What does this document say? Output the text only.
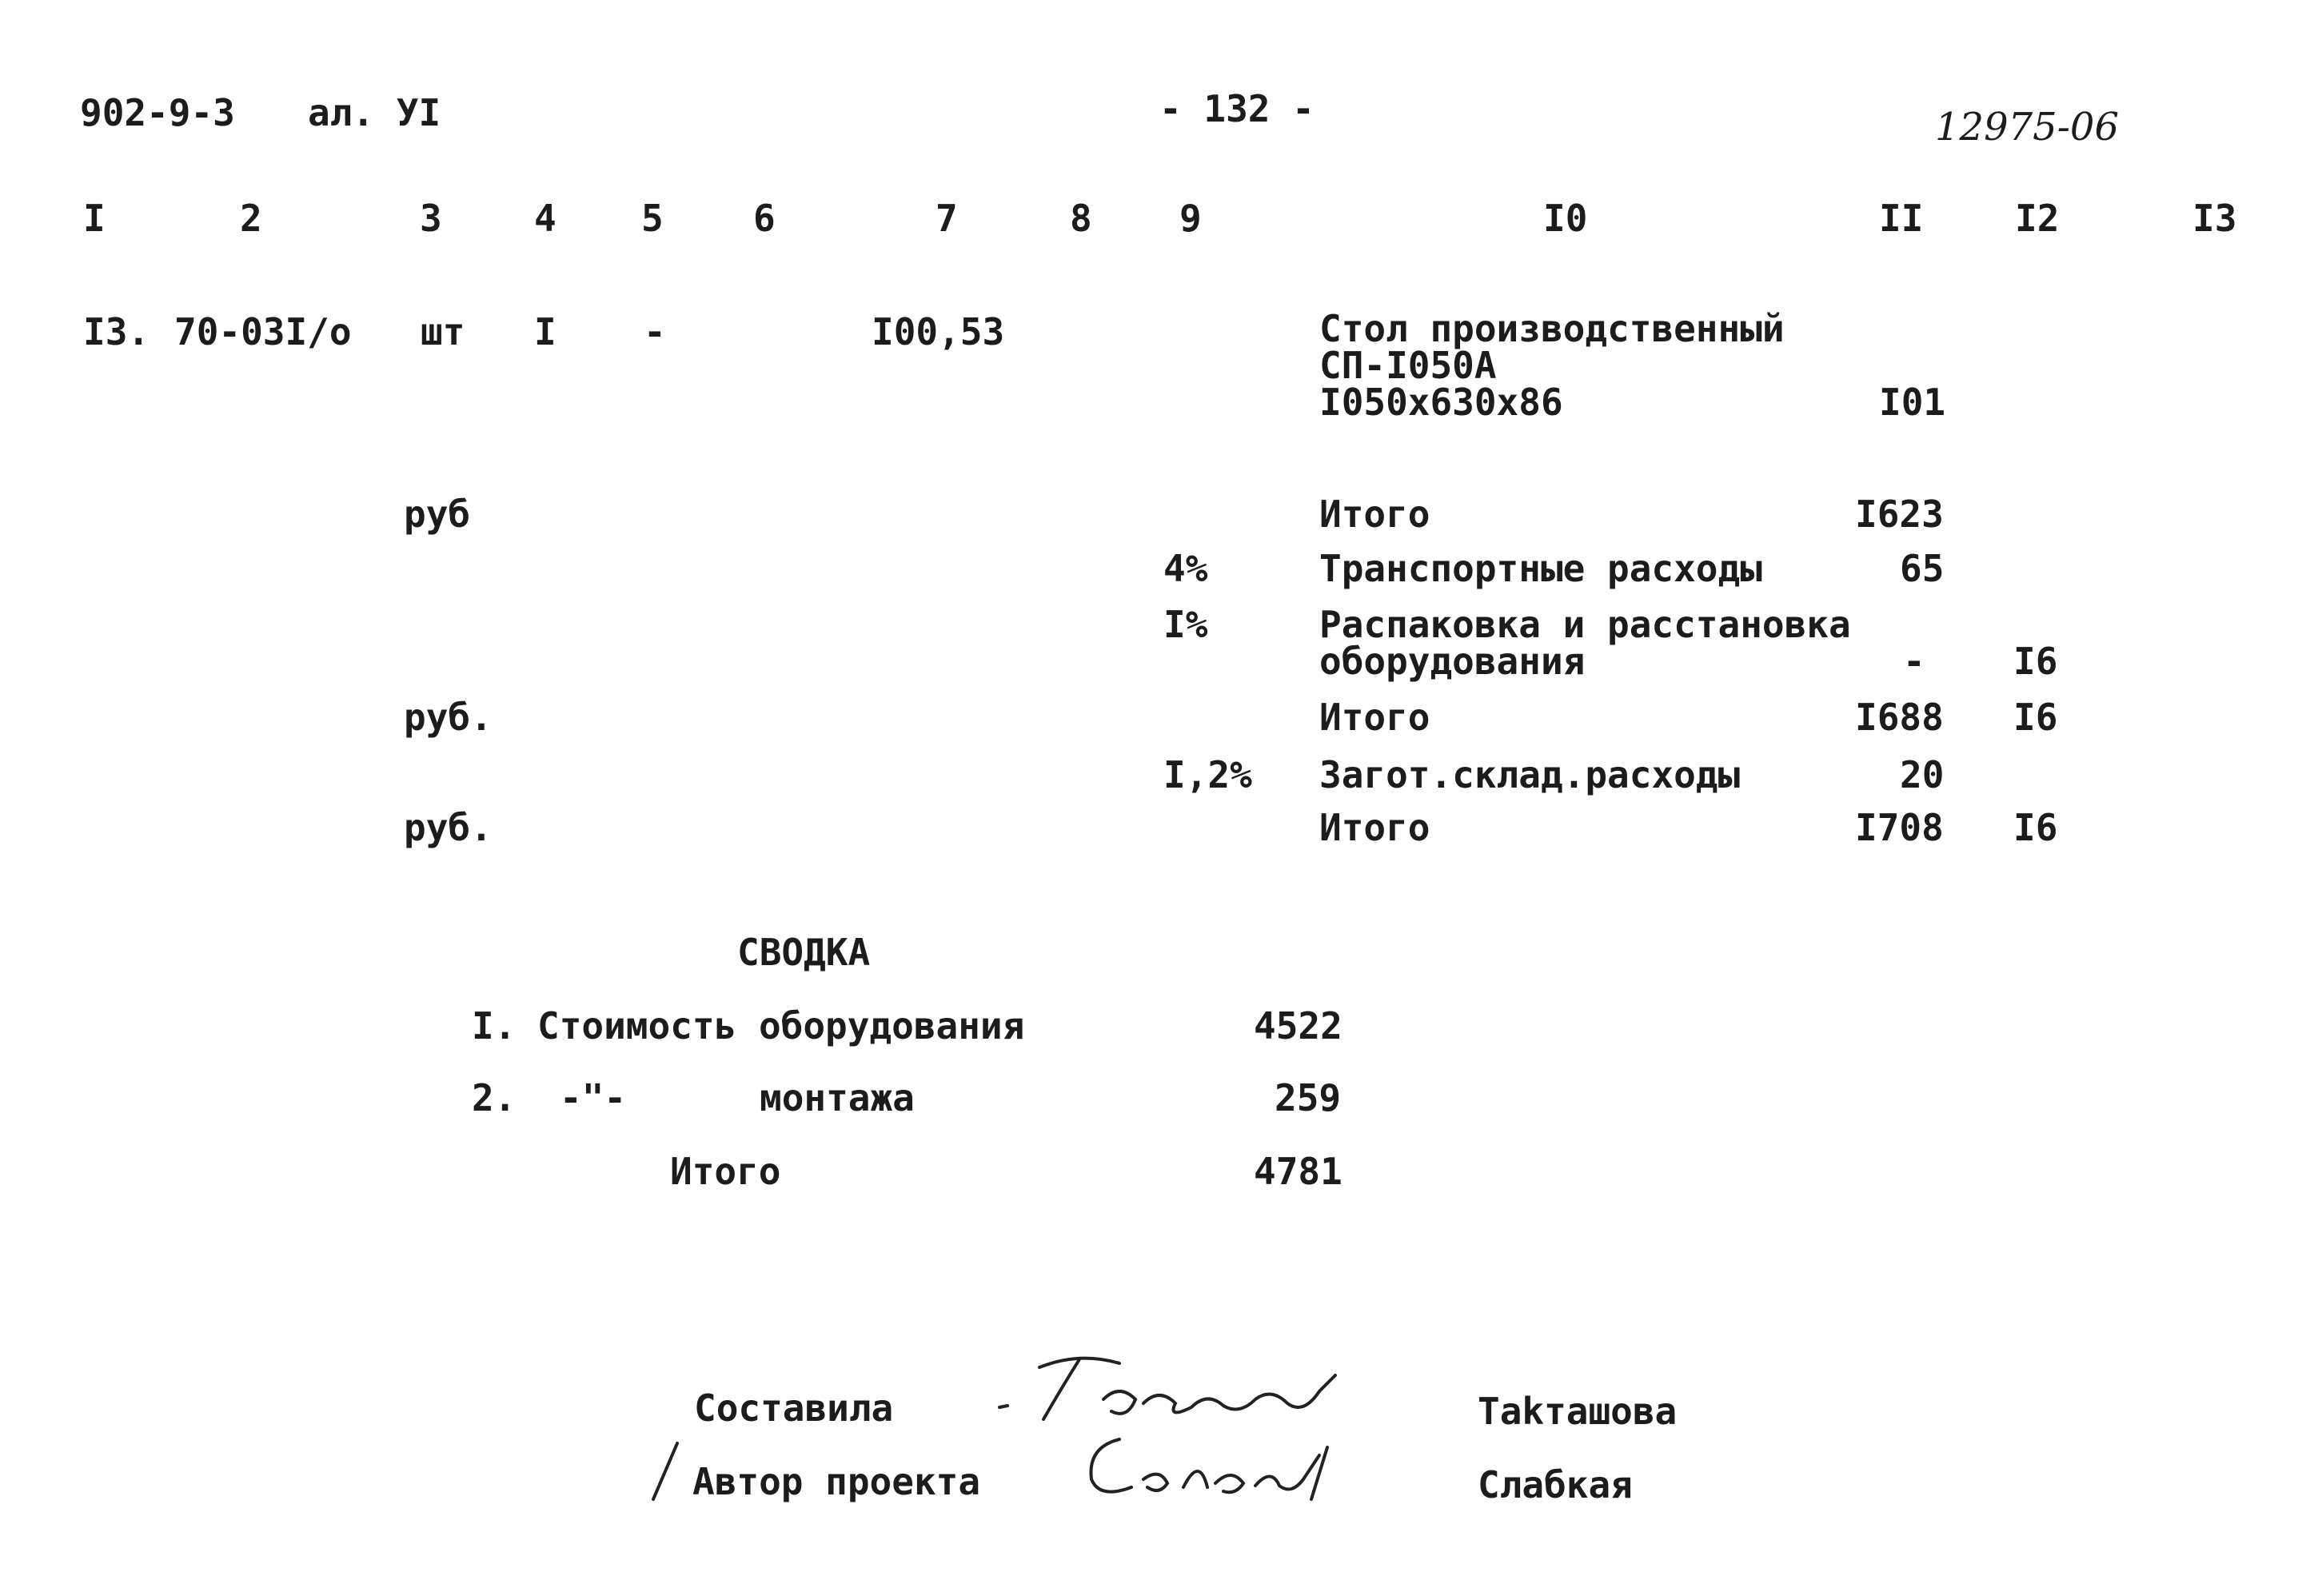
902-9-3 ал. УI	- 132 -	12975-06
I	2	3	4 5 6	7	8 9	I0	II I2	I3
I3. 70-03I/о шт I -	I00,53	Стол производственный
СП-I050А
I050х630х86	I01
руб	Итого	I623
4%	Транспортные расходы	65
I%	Распаковка и расстановка
оборудования	- I6
руб.	Итого	I688 I6
I,2% Загот.склад.расходы	20
руб.	Итого	I708 I6
СВОДКА
I. Стоимость оборудования	4522
2. -"-	монтажа	259
Итого	4781
Составила	Тakташова
Автор проекта	Слабкая
